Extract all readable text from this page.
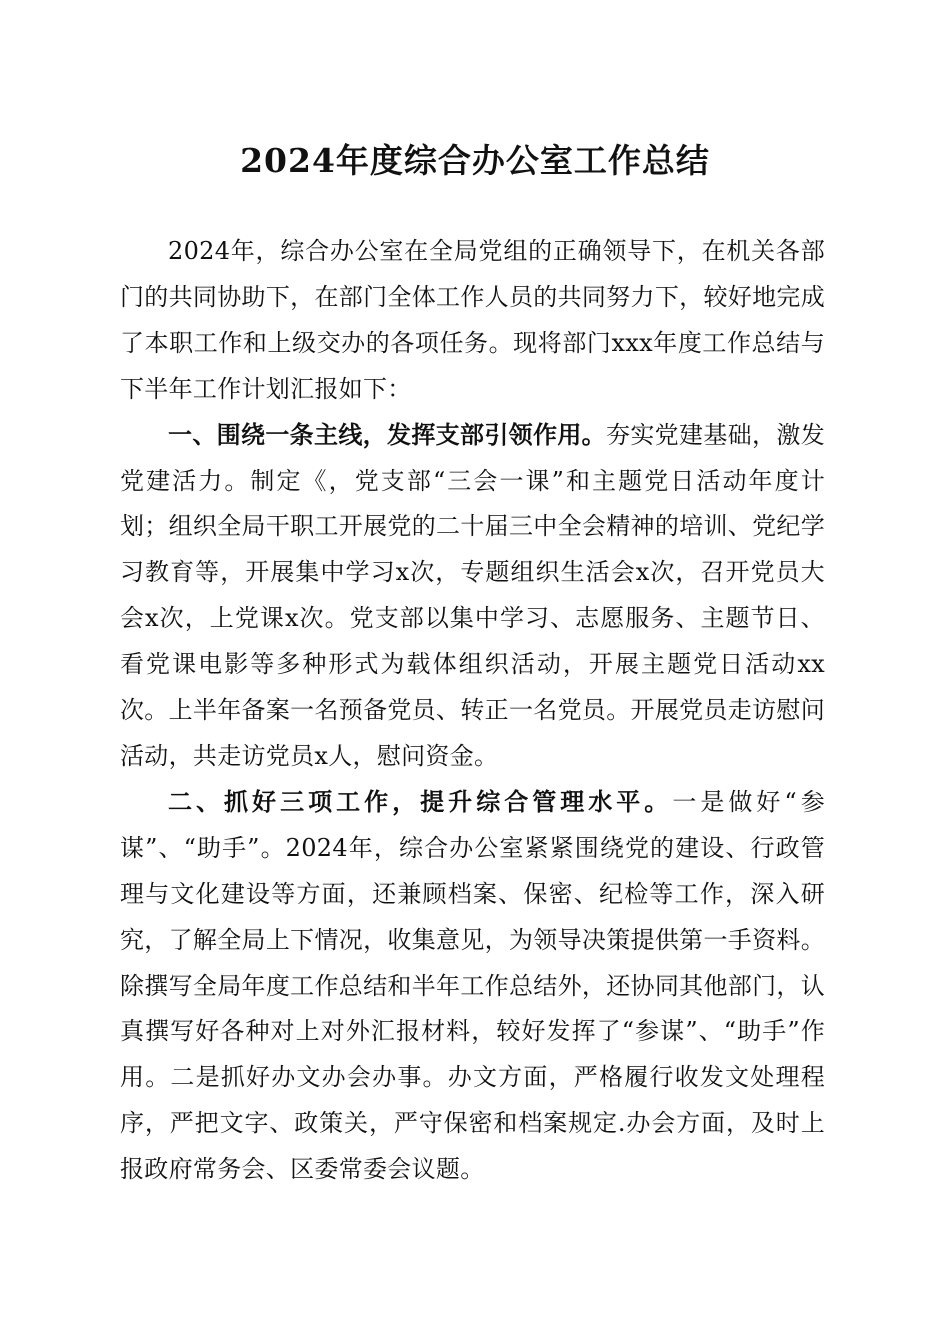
2024年度综合办公室工作总结

2024年，综合办公室在全局党组的正确领导下，在机关各部门的共同协助下，在部门全体工作人员的共同努力下，较好地完成了本职工作和上级交办的各项任务。现将部门xxx年度工作总结与下半年工作计划汇报如下：

一、围绕一条主线，发挥支部引领作用。夯实党建基础，激发党建活力。制定《，党支部“三会一课”和主题党日活动年度计划；组织全局干职工开展党的二十届三中全会精神的培训、党纪学习教育等，开展集中学习x次，专题组织生活会x次，召开党员大会x次，上党课x次。党支部以集中学习、志愿服务、主题节日、看党课电影等多种形式为载体组织活动，开展主题党日活动xx次。上半年备案一名预备党员、转正一名党员。开展党员走访慰问活动，共走访党员x人，慰问资金。

二、抓好三项工作，提升综合管理水平。一是做好“参谋”、“助手”。2024年，综合办公室紧紧围绕党的建设、行政管理与文化建设等方面，还兼顾档案、保密、纪检等工作，深入研究，了解全局上下情况，收集意见，为领导决策提供第一手资料。除撰写全局年度工作总结和半年工作总结外，还协同其他部门，认真撰写好各种对上对外汇报材料，较好发挥了“参谋”、“助手”作用。二是抓好办文办会办事。办文方面，严格履行收发文处理程序，严把文字、政策关，严守保密和档案规定.办会方面，及时上报政府常务会、区委常委会议题。
